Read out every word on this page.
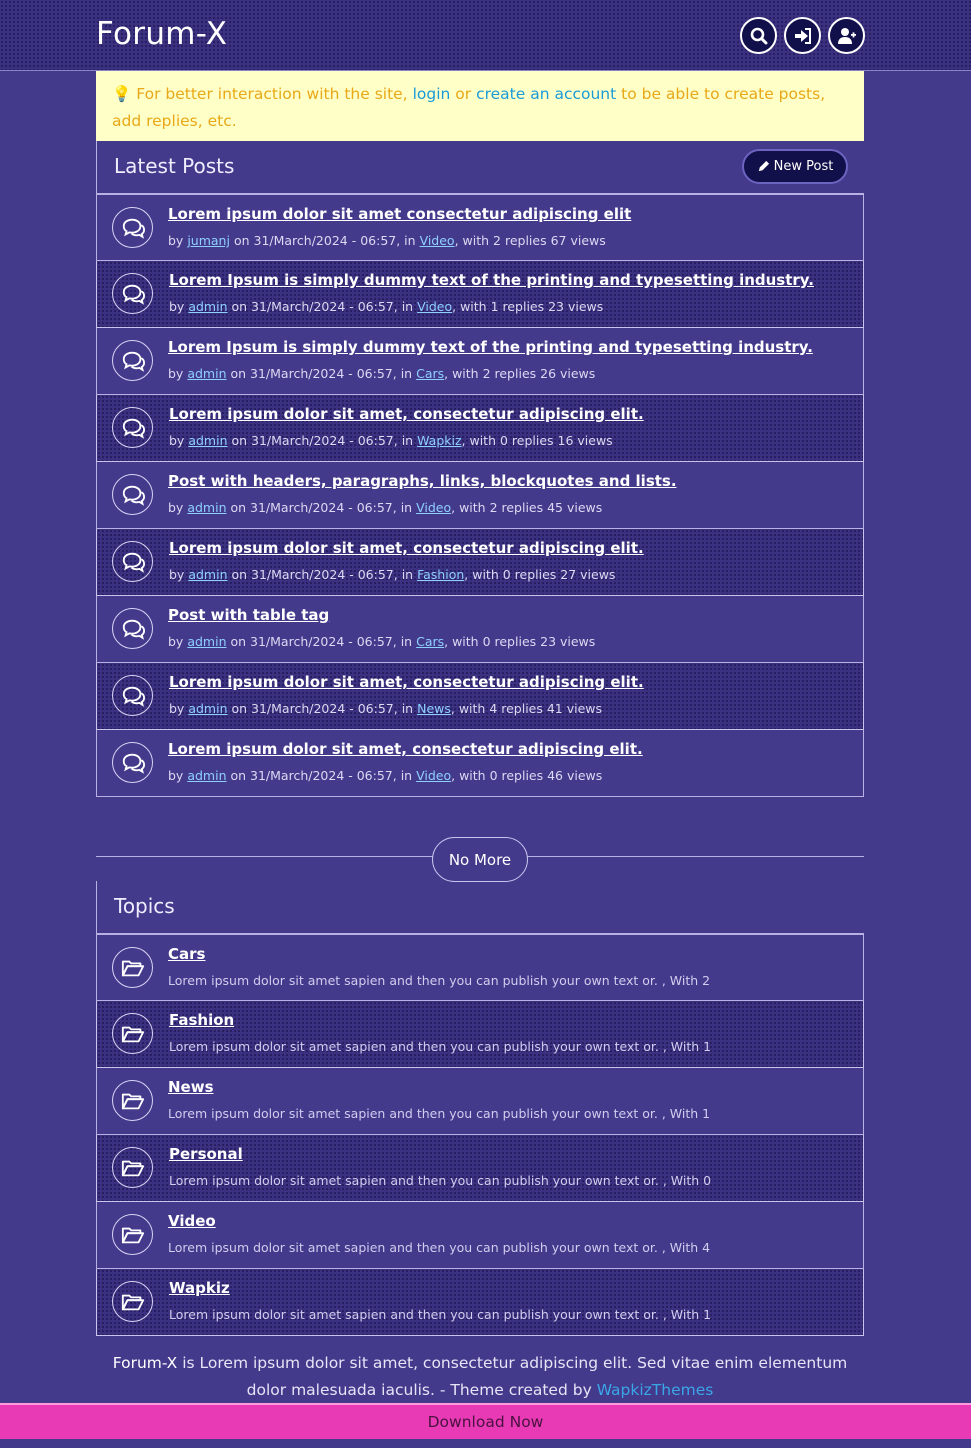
Forum-X
💡 For better interaction with the site, login or create an account to be able to create posts, add replies, etc.
Latest Posts	New Post
Lorem ipsum dolor sit amet consectetur adipiscing elit
by jumanj on 31/March/2024 - 06:57, in Video, with 2 replies 67 views
Lorem Ipsum is simply dummy text of the printing and typesetting industry.
by admin on 31/March/2024 - 06:57, in Video, with 1 replies 23 views
Lorem Ipsum is simply dummy text of the printing and typesetting industry.
by admin on 31/March/2024 - 06:57, in Cars, with 2 replies 26 views
Lorem ipsum dolor sit amet, consectetur adipiscing elit.
by admin on 31/March/2024 - 06:57, in Wapkiz, with 0 replies 16 views
Post with headers, paragraphs, links, blockquotes and lists.
by admin on 31/March/2024 - 06:57, in Video, with 2 replies 45 views
Lorem ipsum dolor sit amet, consectetur adipiscing elit.
by admin on 31/March/2024 - 06:57, in Fashion, with 0 replies 27 views
Post with table tag
by admin on 31/March/2024 - 06:57, in Cars, with 0 replies 23 views
Lorem ipsum dolor sit amet, consectetur adipiscing elit.
by admin on 31/March/2024 - 06:57, in News, with 4 replies 41 views
Lorem ipsum dolor sit amet, consectetur adipiscing elit.
by admin on 31/March/2024 - 06:57, in Video, with 0 replies 46 views
No More
Topics
Cars
Lorem ipsum dolor sit amet sapien and then you can publish your own text or. , With 2
Fashion
Lorem ipsum dolor sit amet sapien and then you can publish your own text or. , With 1
News
Lorem ipsum dolor sit amet sapien and then you can publish your own text or. , With 1
Personal
Lorem ipsum dolor sit amet sapien and then you can publish your own text or. , With 0
Video
Lorem ipsum dolor sit amet sapien and then you can publish your own text or. , With 4
Wapkiz
Lorem ipsum dolor sit amet sapien and then you can publish your own text or. , With 1
Forum-X is Lorem ipsum dolor sit amet, consectetur adipiscing elit. Sed vitae enim elementum dolor malesuada iaculis. - Theme created by WapkizThemes
Download Now
